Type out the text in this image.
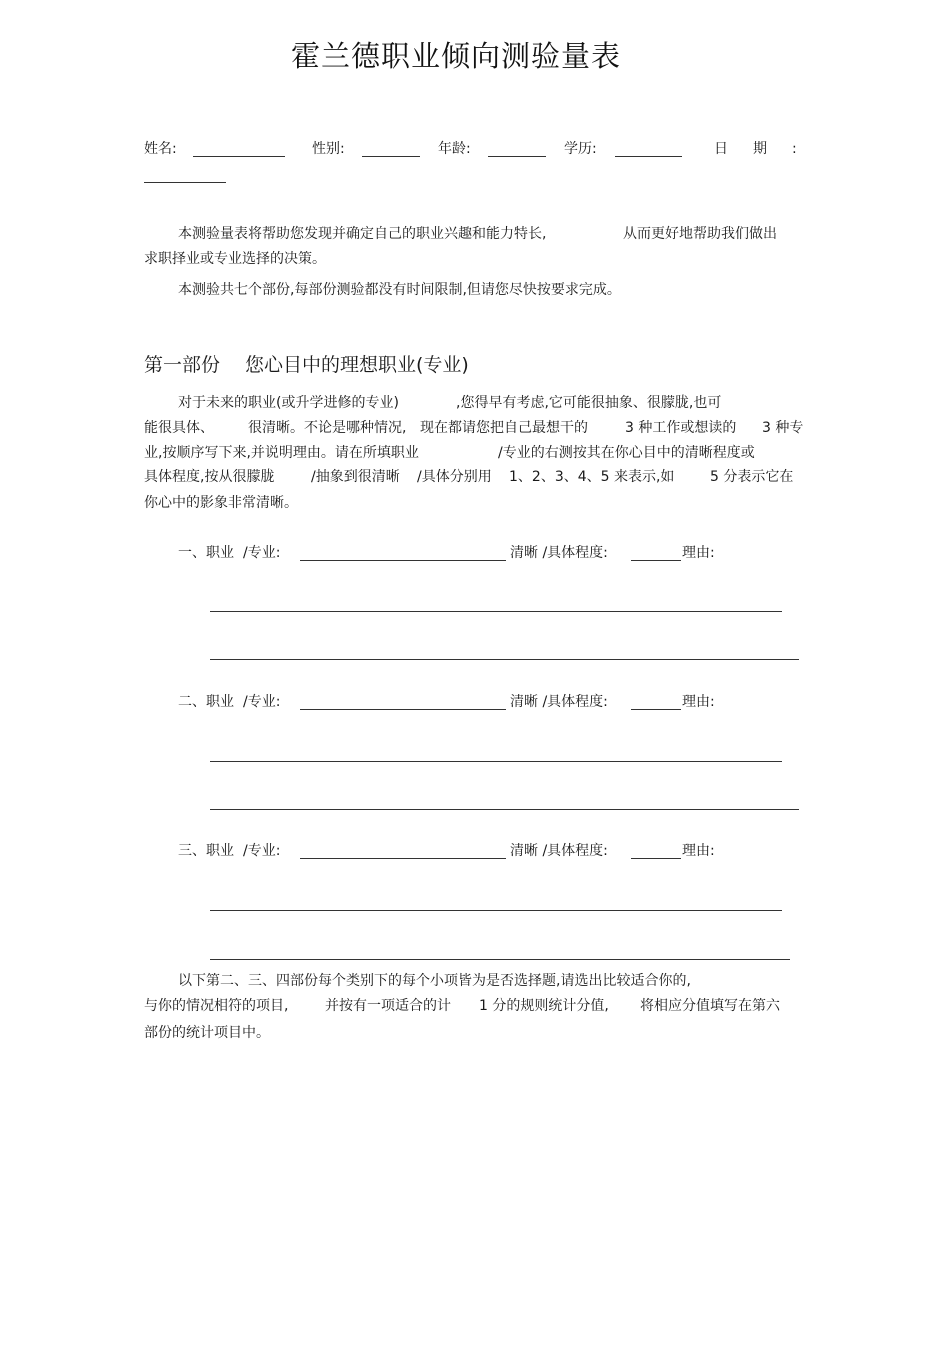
霍兰德职业倾向测验量表
姓名:	性别:	年龄:	学历:	日 期 :
本测验量表将帮助您发现并确定自己的职业兴趣和能力特长,	从而更好地帮助我们做出
求职择业或专业选择的决策。
本测验共七个部份,每部份测验都没有时间限制,但请您尽快按要求完成。
第一部份 您心目中的理想职业(专业)
对于未来的职业(或升学进修的专业)	,您得早有考虑,它可能很抽象、很朦胧,也可
能很具体、 很清晰。不论是哪种情况, 现在都请您把自己最想干的	3 种工作或想读的 3 种专
业,按顺序写下来,并说明理由。请在所填职业	/专业的右测按其在你心目中的清晰程度或
具体程度,按从很朦胧	/抽象到很清晰 /具体分别用 1、2、3、4、5 来表示,如	5 分表示它在
你心中的影象非常清晰。
一、职业 /专业:	清晰 /具体程度:	理由:
二、职业 /专业:	清晰 /具体程度:	理由:
三、职业 /专业:	清晰 /具体程度:	理由:
以下第二、三、四部份每个类别下的每个小项皆为是否选择题,请选出比较适合你的,
与你的情况相符的项目,	并按有一项适合的计 1 分的规则统计分值, 将相应分值填写在第六
部份的统计项目中。
